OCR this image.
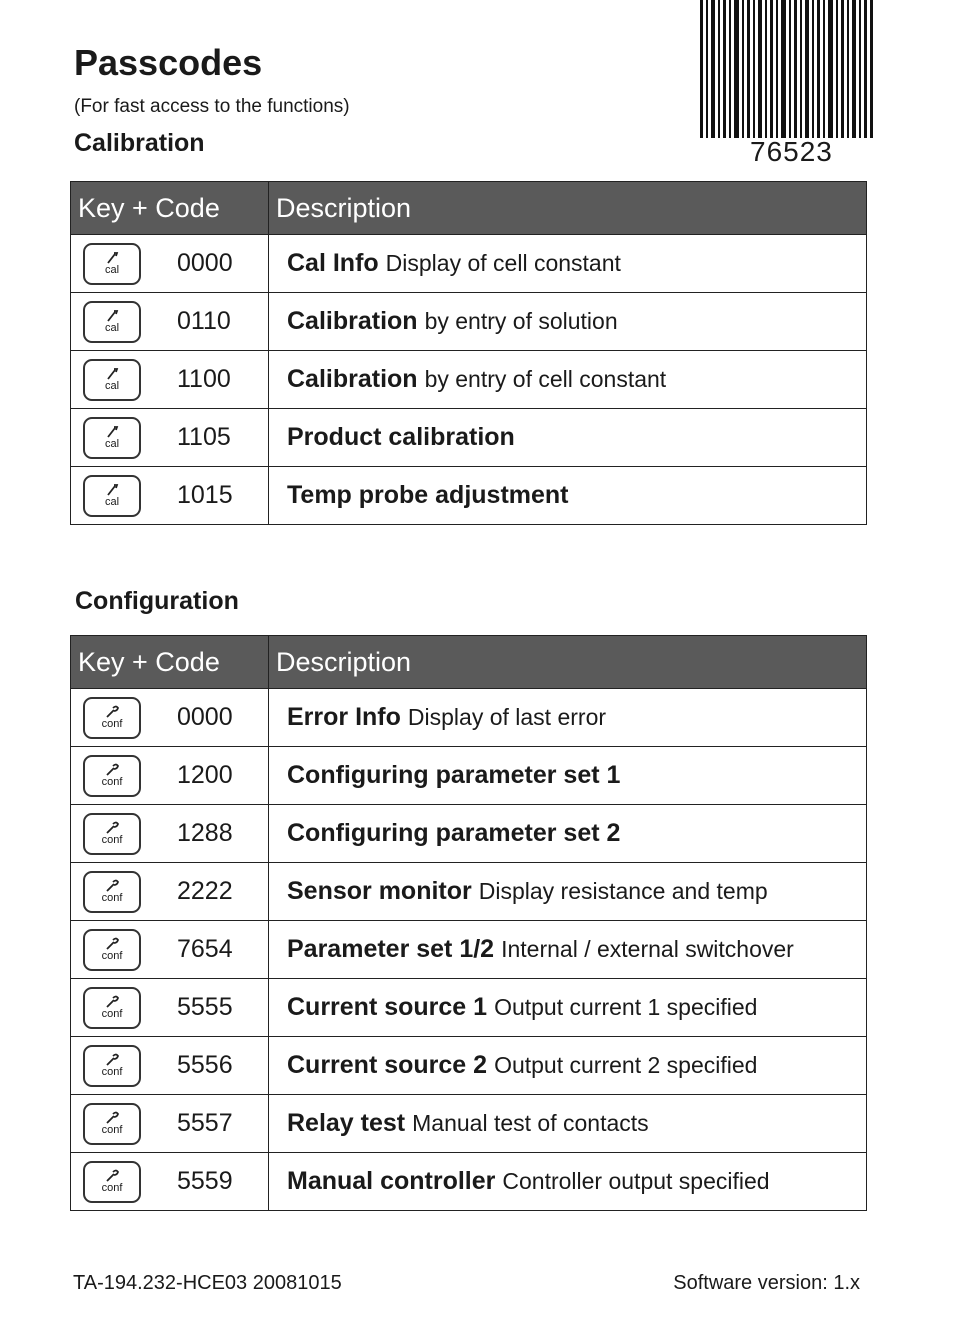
Passcodes
(For fast access to the functions)
76523
Calibration
Key + Code	Description

cal 0000	Cal Info Display of cell constant

cal 0110	Calibration by entry of solution

cal 1100	Calibration by entry of cell constant

cal 1105	Product calibration

cal 1015	Temp probe adjustment
Configuration
Key + Code	Description

conf 0000	Error Info Display of last error

conf 1200	Configuring parameter set 1

conf 1288	Configuring parameter set 2

conf 2222	Sensor monitor Display resistance and temp

conf 7654	Parameter set 1/2 Internal / external switchover

conf 5555	Current source 1 Output current 1 specified

conf 5556	Current source 2 Output current 2 specified

conf 5557	Relay test Manual test of contacts

conf 5559	Manual controller Controller output specified
TA-194.232-HCE03 20081015	Software version: 1.x
